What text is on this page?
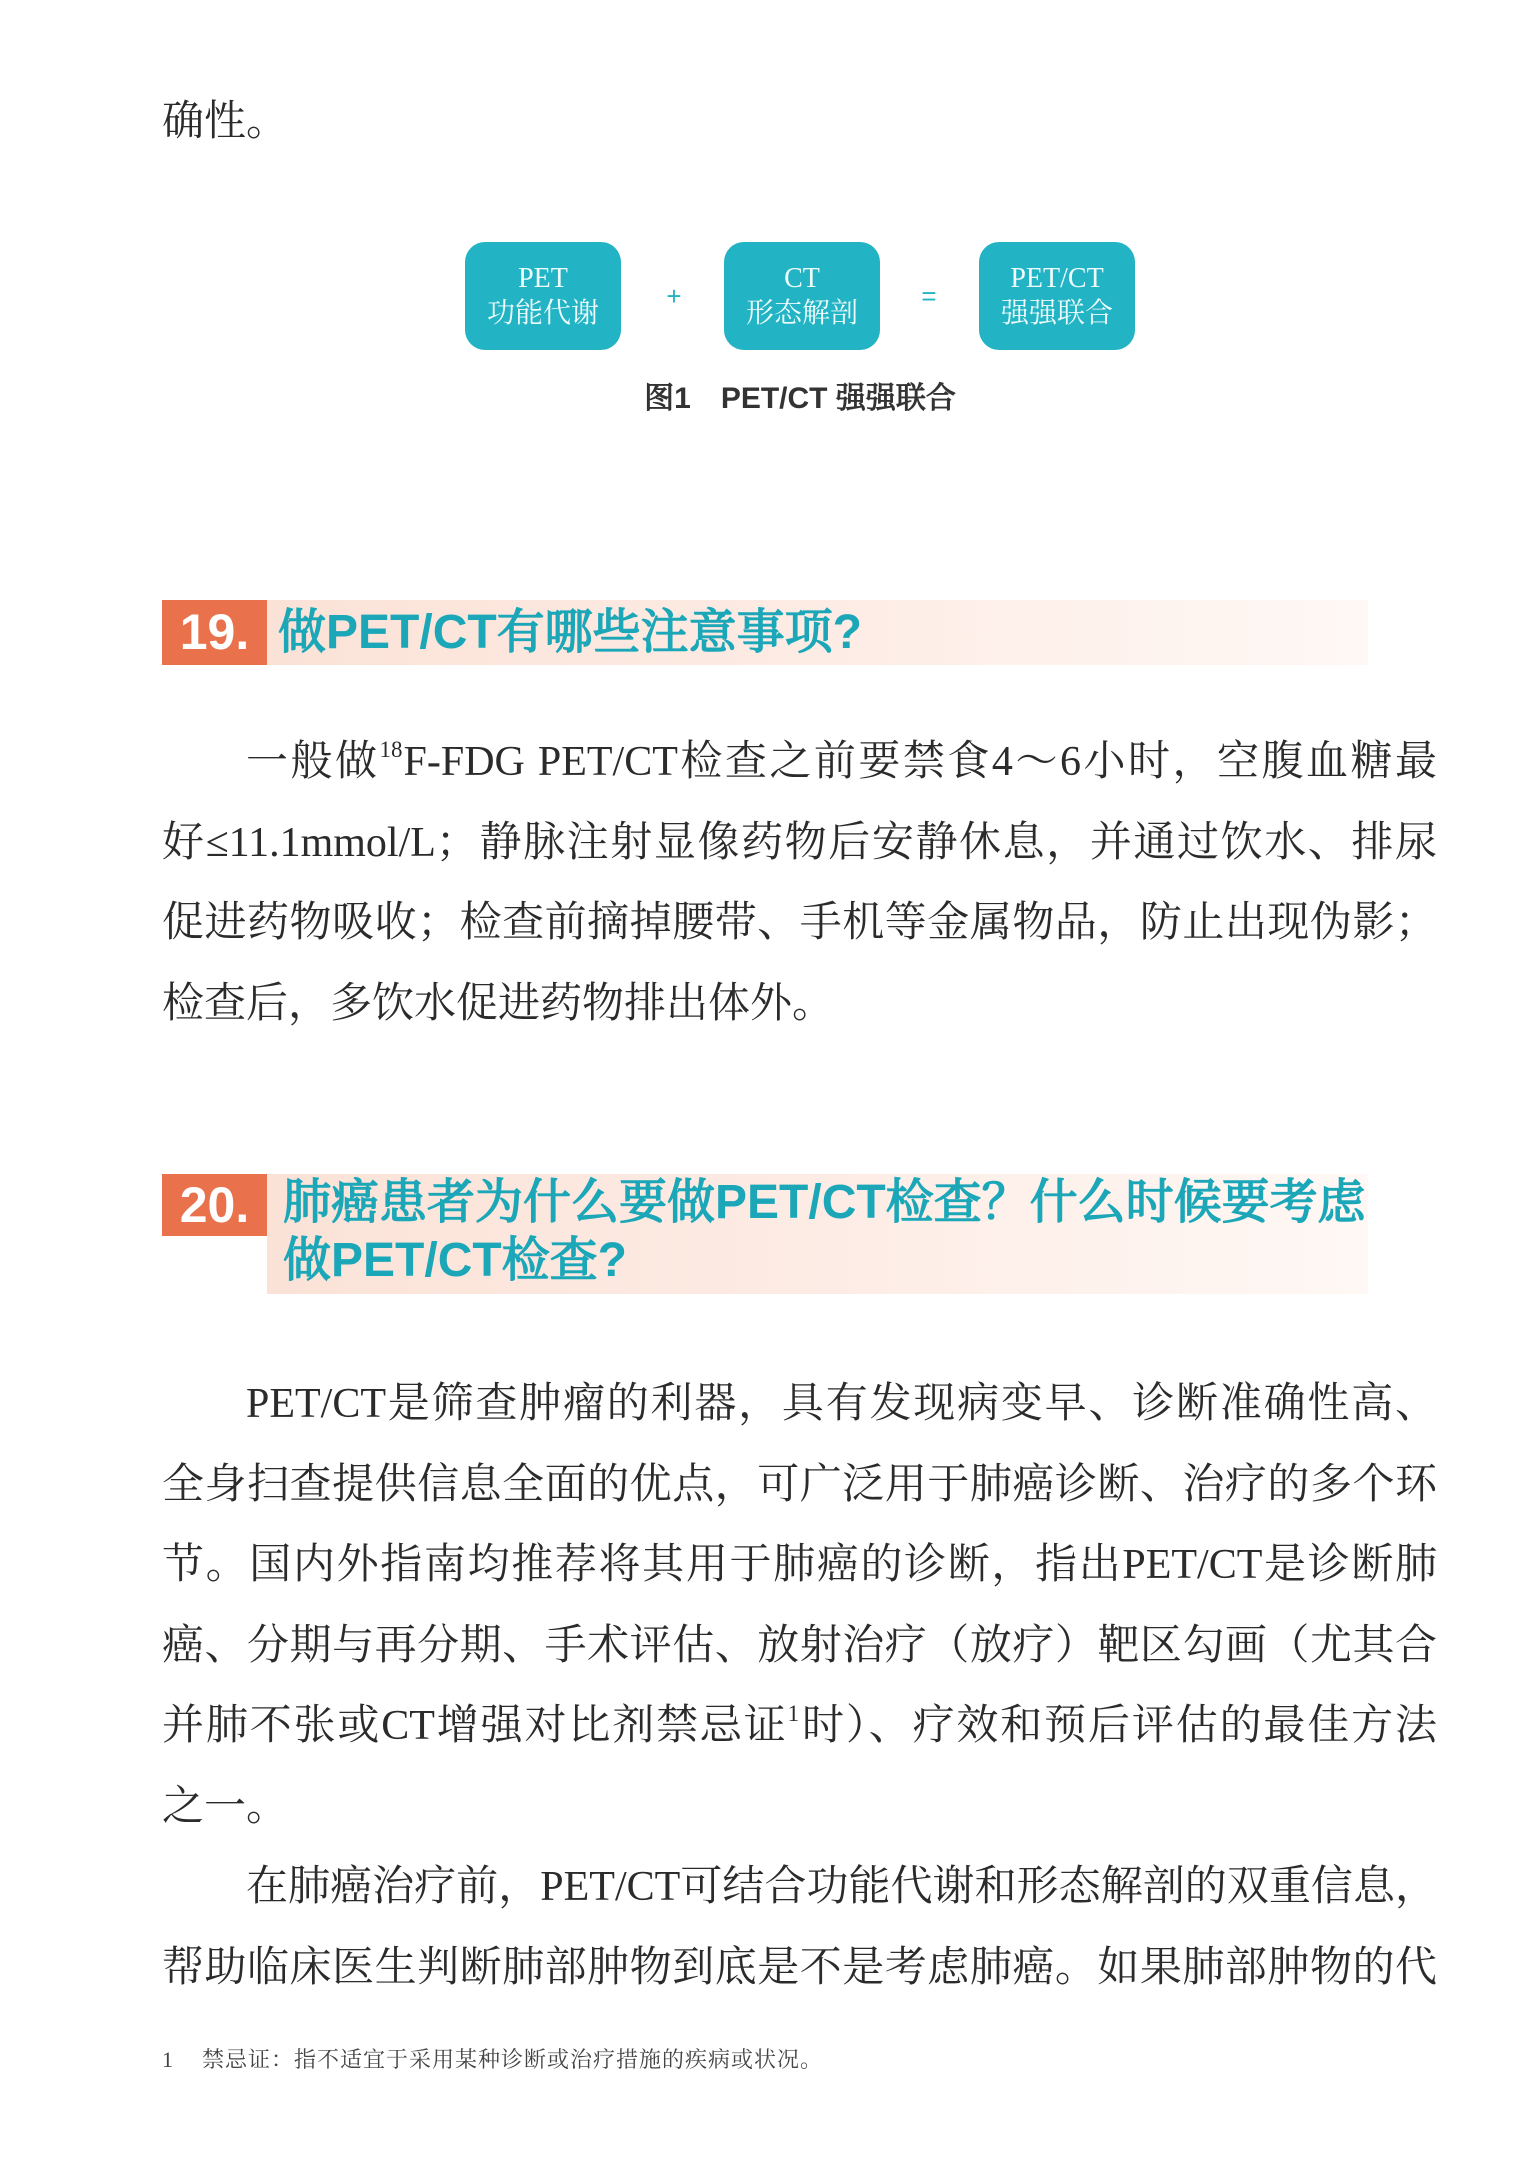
确性。
PET
功能代谢
+
CT
形态解剖
=
PET/CT
强强联合
图1 PET/CT 强强联合
19. 做PET/CT有哪些注意事项?
一般做$^{18}$F-FDG PET/CT检查之前要禁食4～6小时，空腹血糖最
好≤11.1mmol/L；静脉注射显像药物后安静休息，并通过饮水、排尿
促进药物吸收；检查前摘掉腰带、手机等金属物品，防止出现伪影；
检查后，多饮水促进药物排出体外。
20. 肺癌患者为什么要做PET/CT检查？什么时候要考虑
做PET/CT检查?
PET/CT是筛查肿瘤的利器，具有发现病变早、诊断准确性高、
全身扫查提供信息全面的优点，可广泛用于肺癌诊断、治疗的多个环
节。国内外指南均推荐将其用于肺癌的诊断，指出PET/CT是诊断肺
癌、分期与再分期、手术评估、放射治疗（放疗）靶区勾画（尤其合
并肺不张或CT增强对比剂禁忌证$^1$时）、疗效和预后评估的最佳方法
之一。
在肺癌治疗前，PET/CT可结合功能代谢和形态解剖的双重信息，
帮助临床医生判断肺部肿物到底是不是考虑肺癌。如果肺部肿物的代
1 禁忌证：指不适宜于采用某种诊断或治疗措施的疾病或状况。
